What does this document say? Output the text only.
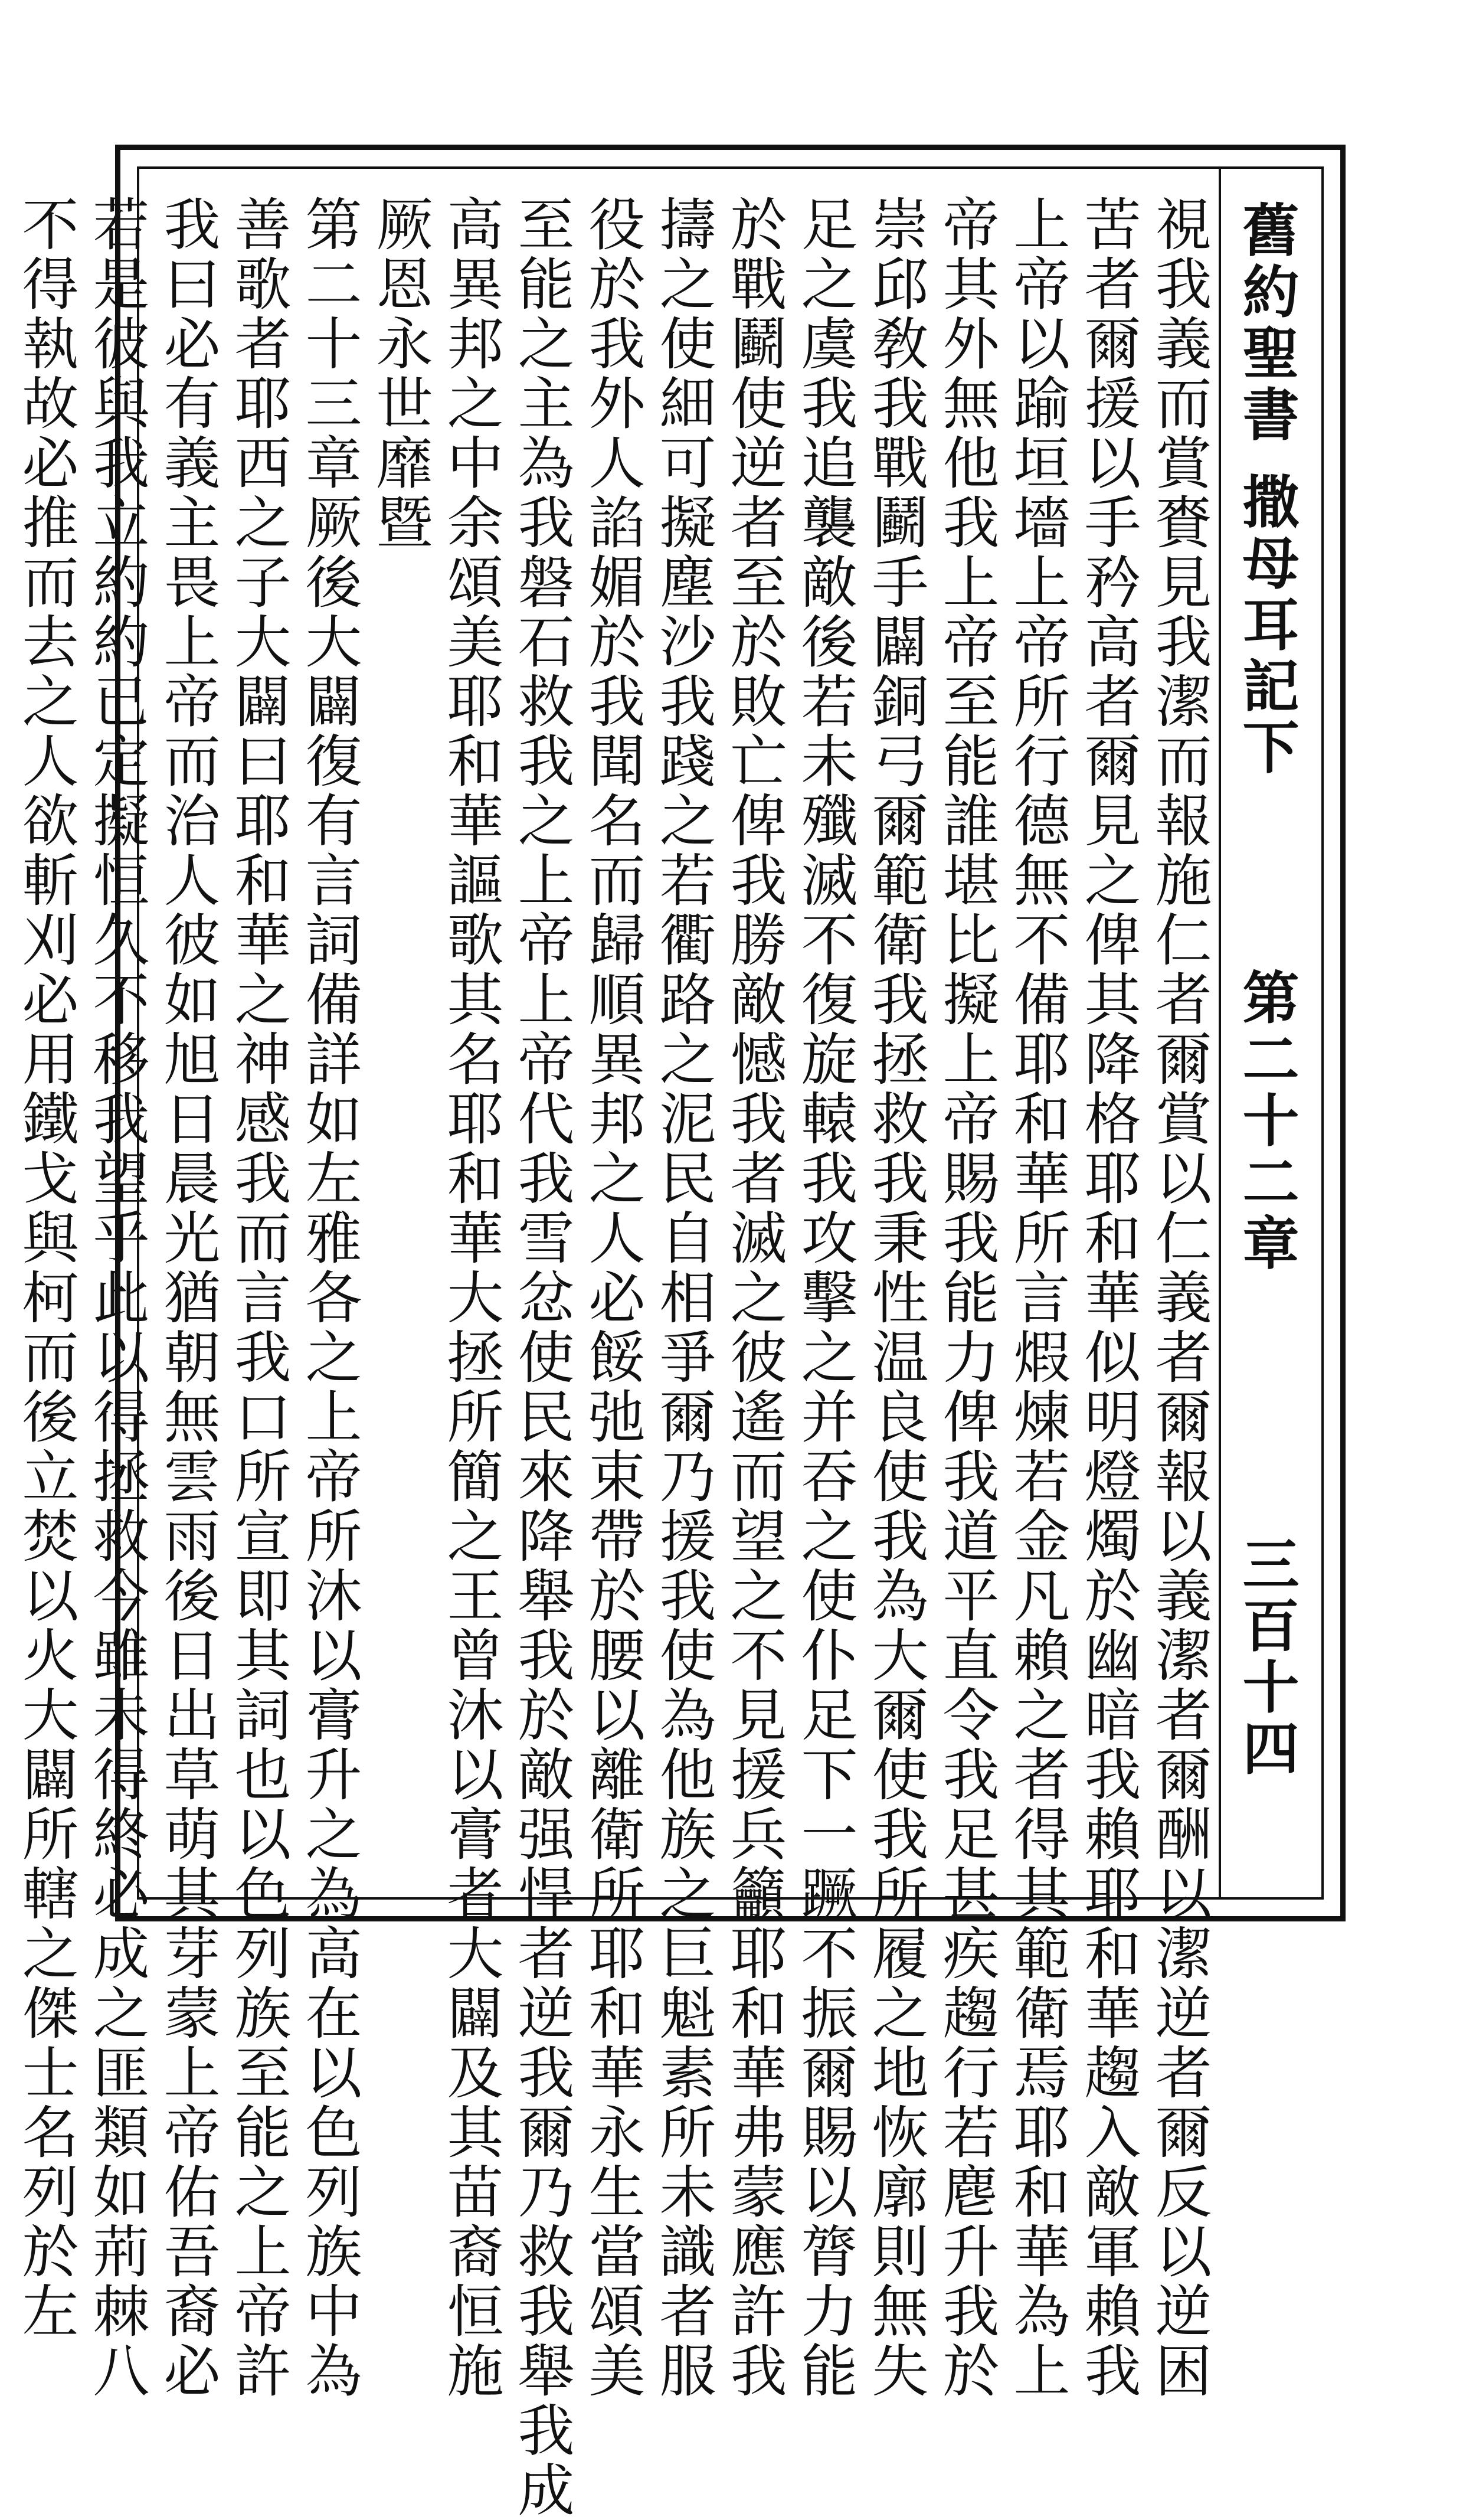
舊約聖書
撒母耳記下
第二十二章
三百十四
視我義而賞賚見我潔而報施仁者爾賞以仁義者爾報以義潔者爾酬以潔逆者爾反以逆困
苦者爾援以手矜高者爾見之俾其降格耶和華似明燈燭於幽暗我賴耶和華趨入敵軍賴我
上帝以踰垣墻上帝所行德無不備耶和華所言煆煉若金凡賴之者得其範衛焉耶和華為上
帝其外無他我上帝至能誰堪比擬上帝賜我能力俾我道平直令我足甚疾趨行若麀升我於
崇邱敎我戰鬬手闢銅弓爾範衛我拯救我秉性温良使我為大爾使我所履之地恢廓則無失
足之虞我追襲敵後若未殲滅不復旋轅我攻擊之并吞之使仆足下一蹶不振爾賜以膂力能
於戰鬬使逆者至於敗亡俾我勝敵憾我者滅之彼遙而望之不見援兵籲耶和華弗蒙應許我
擣之使細可擬塵沙我踐之若衢路之泥民自相爭爾乃援我使為他族之巨魁素所未識者服
役於我外人諂媚於我聞名而歸順異邦之人必餒弛束帶於腰以離衛所耶和華永生當頌美
至能之主為我磐石救我之上帝上帝代我雪忿使民來降舉我於敵强悍者逆我爾乃救我舉我成
高異邦之中余頌美耶和華謳歌其名耶和華大拯所簡之王曾沐以膏者大闢及其苗裔恒施
厥恩永世靡暨
第二十三章厥後大闢復有言詞備詳如左雅各之上帝所沐以膏升之為高在以色列族中為
善歌者耶西之子大闢曰耶和華之神感我而言我口所宣即其詞也以色列族至能之上帝許
我曰必有義主畏上帝而治人彼如旭日晨光猶朝無雲雨後日出草萌其芽蒙上帝佑吾裔必
若是彼與我立約約已定擬恒久不移我望乎此以得拯救今雖未得終必成之匪類如荊棘八
不得執故必推而去之人欲斬刈必用鐵戈與柯而後立焚以火大闢所轄之傑士名列於左
